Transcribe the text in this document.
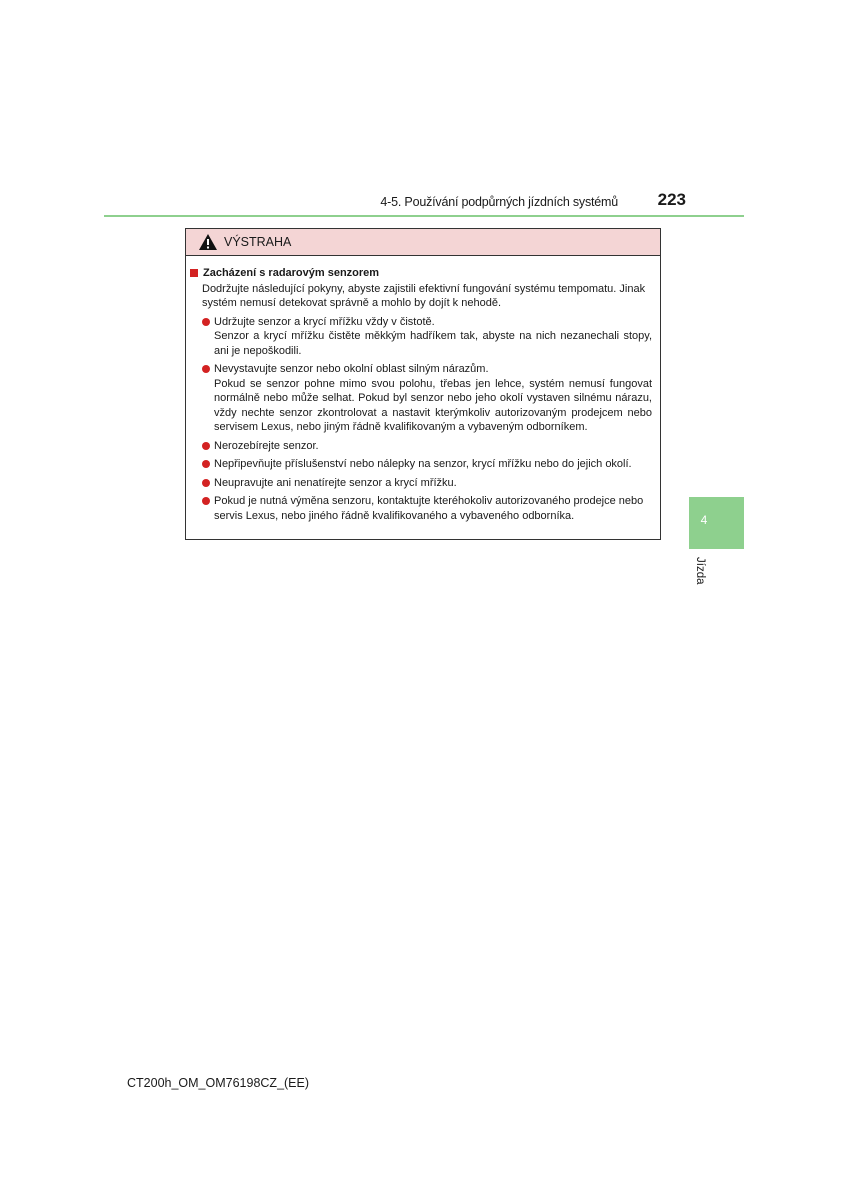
4-5. Používání podpůrných jízdních systémů	223
4
Jízda
VÝSTRAHA
Zacházení s radarovým senzorem
Dodržujte následující pokyny, abyste zajistili efektivní fungování systému tempomatu. Jinak systém nemusí detekovat správně a mohlo by dojít k nehodě.
Udržujte senzor a krycí mřížku vždy v čistotě.
Senzor a krycí mřížku čistěte měkkým hadříkem tak, abyste na nich nezanechali stopy, ani je nepoškodili.
Nevystavujte senzor nebo okolní oblast silným nárazům.
Pokud se senzor pohne mimo svou polohu, třebas jen lehce, systém nemusí fungovat normálně nebo může selhat. Pokud byl senzor nebo jeho okolí vystaven silnému nárazu, vždy nechte senzor zkontrolovat a nastavit kterýmkoliv autorizovaným prodejcem nebo servisem Lexus, nebo jiným řádně kvalifikovaným a vybaveným odborníkem.
Nerozebírejte senzor.
Nepřipevňujte příslušenství nebo nálepky na senzor, krycí mřížku nebo do jejich okolí.
Neupravujte ani nenatírejte senzor a krycí mřížku.
Pokud je nutná výměna senzoru, kontaktujte kteréhokoliv autorizovaného prodejce nebo servis Lexus, nebo jiného řádně kvalifikovaného a vybaveného odborníka.
CT200h_OM_OM76198CZ_(EE)
